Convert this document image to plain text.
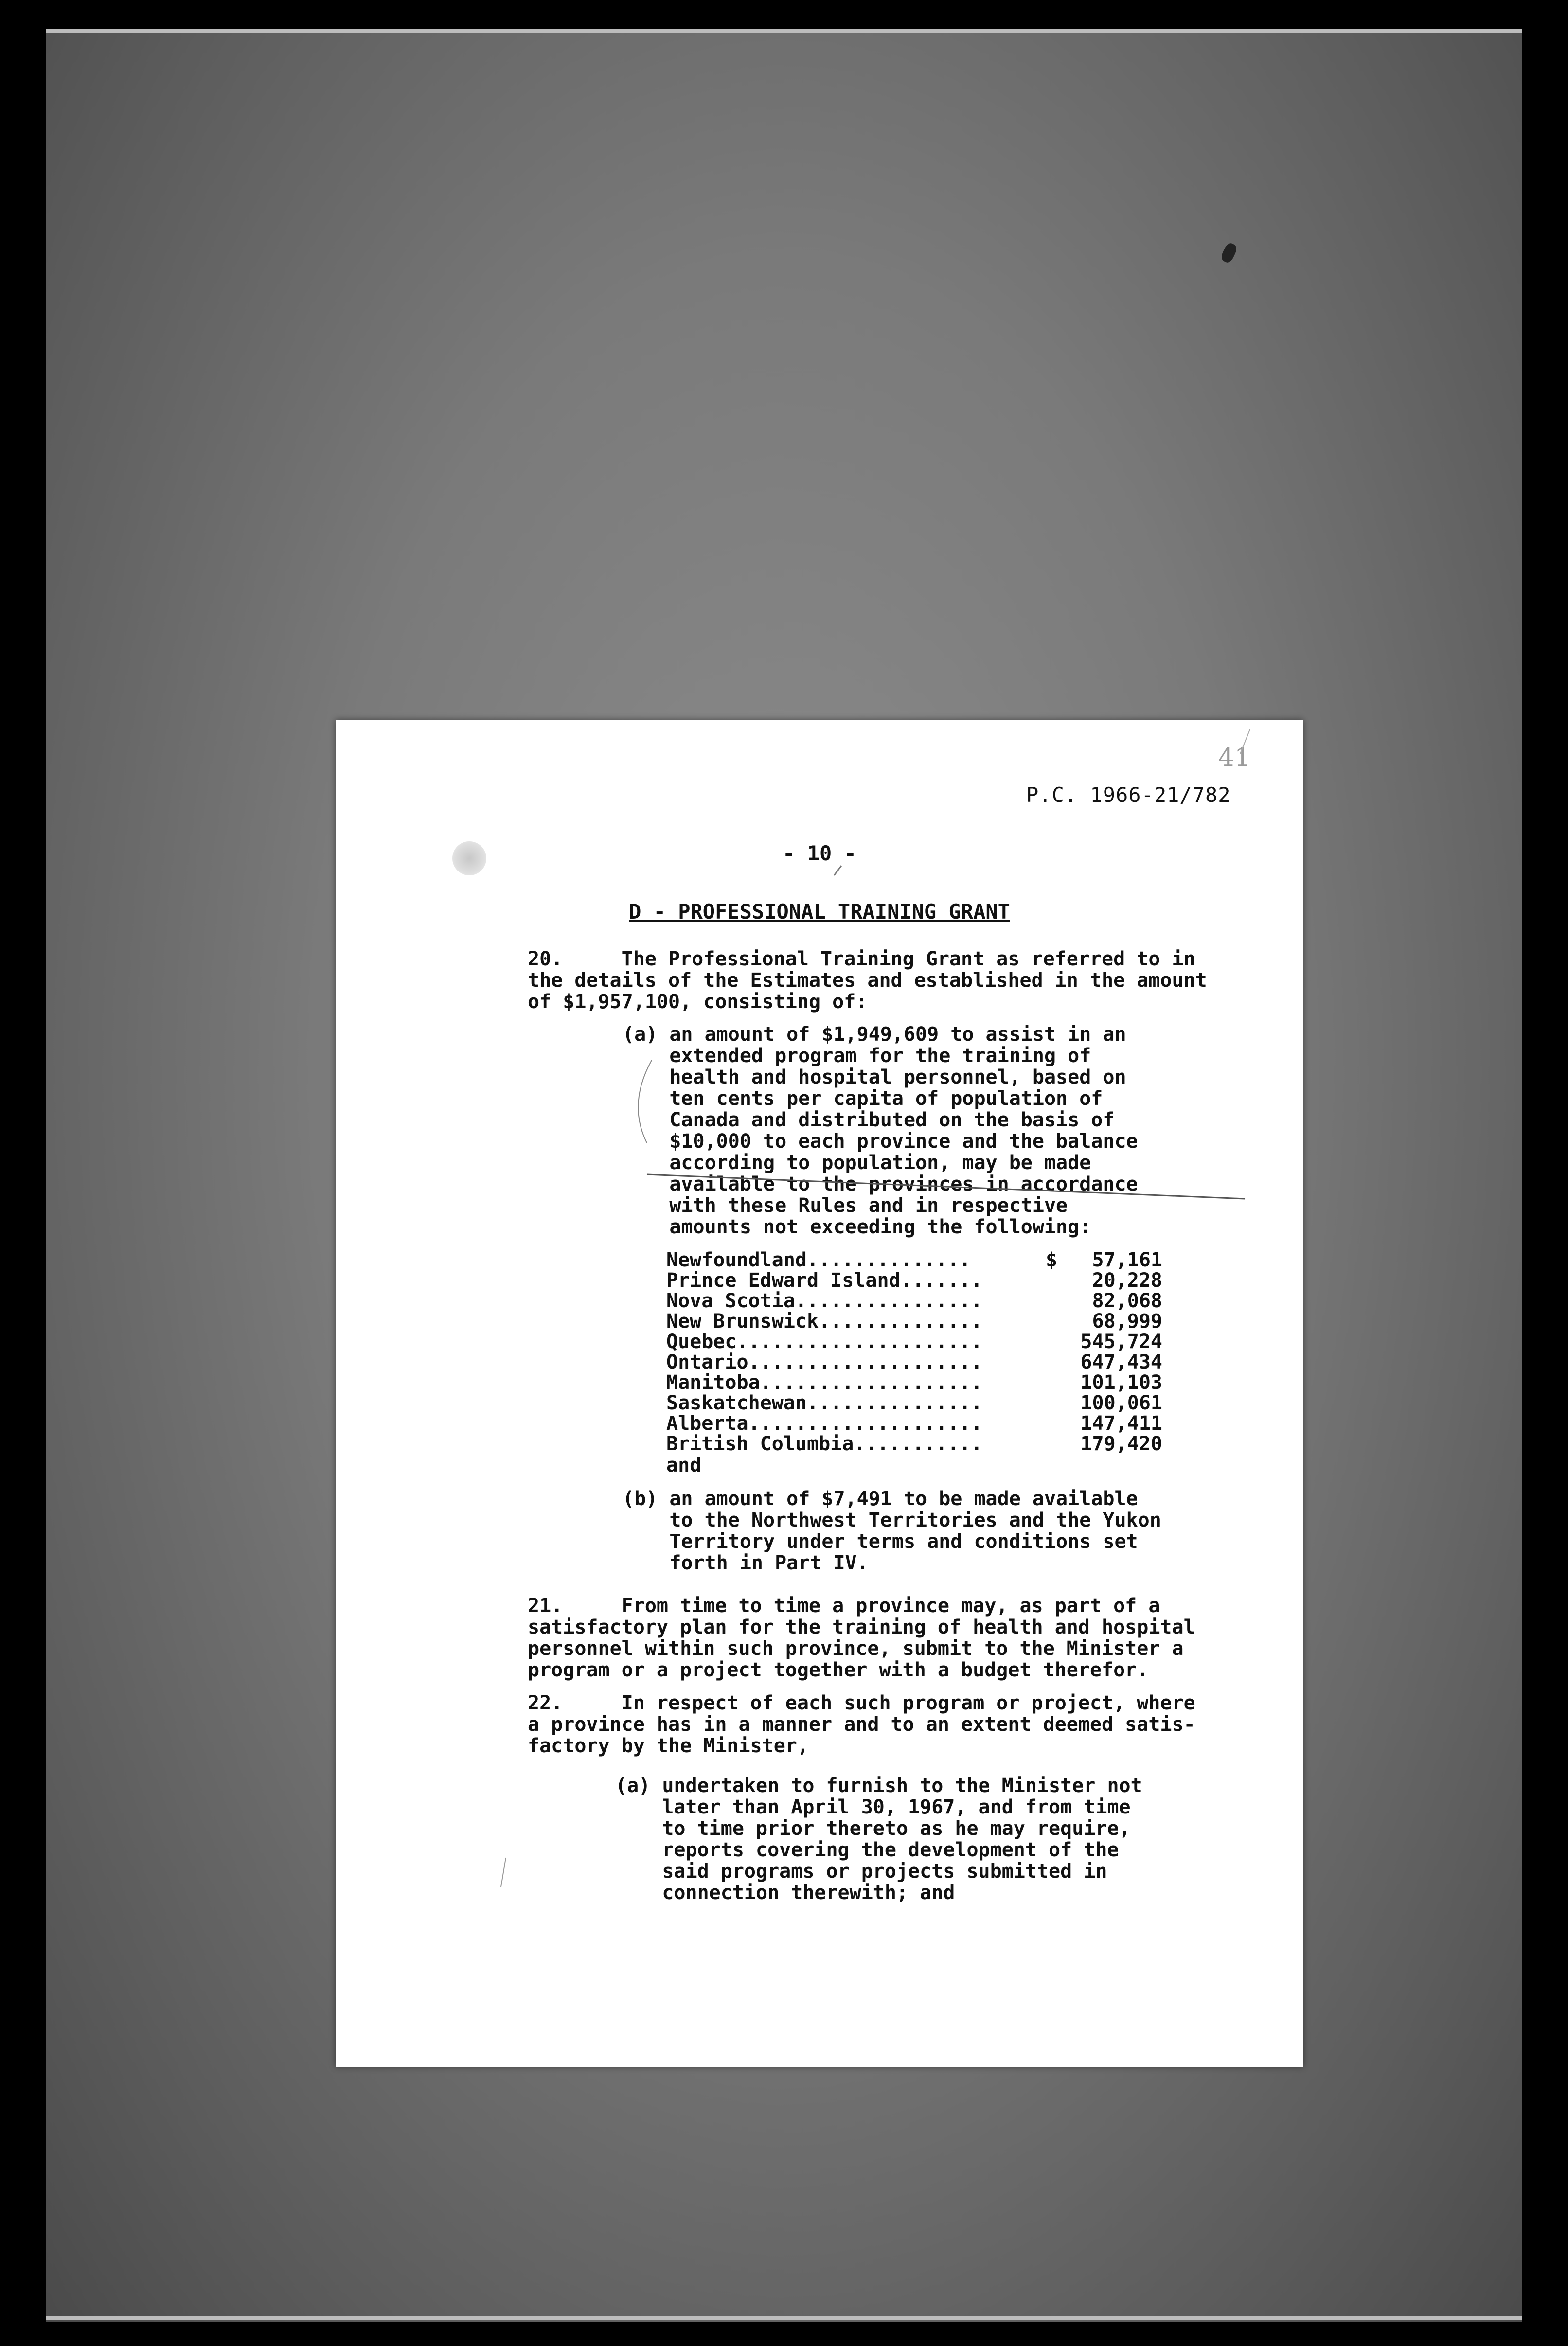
41
P.C. 1966-21/782
- 10 -
D - PROFESSIONAL TRAINING GRANT
20.     The Professional Training Grant as referred to in
the details of the Estimates and established in the amount
of $1,957,100, consisting of:
(a) an amount of $1,949,609 to assist in an
extended program for the training of
health and hospital personnel, based on
ten cents per capita of population of
Canada and distributed on the basis of
$10,000 to each province and the balance
according to population, may be made
available to the provinces in accordance
with these Rules and in respective
amounts not exceeding the following:
Newfoundland..............	$	57,161
Prince Edward Island.......	20,228
Nova Scotia................	82,068
New Brunswick..............	68,999
Quebec.....................	545,724
Ontario....................	647,434
Manitoba...................	101,103
Saskatchewan...............	100,061
Alberta....................	147,411
British Columbia...........	179,420
and
(b) an amount of $7,491 to be made available
to the Northwest Territories and the Yukon
Territory under terms and conditions set
forth in Part IV.
21.     From time to time a province may, as part of a
satisfactory plan for the training of health and hospital
personnel within such province, submit to the Minister a
program or a project together with a budget therefor.
22.     In respect of each such program or project, where
a province has in a manner and to an extent deemed satis-
factory by the Minister,
(a) undertaken to furnish to the Minister not
later than April 30, 1967, and from time
to time prior thereto as he may require,
reports covering the development of the
said programs or projects submitted in
connection therewith; and
